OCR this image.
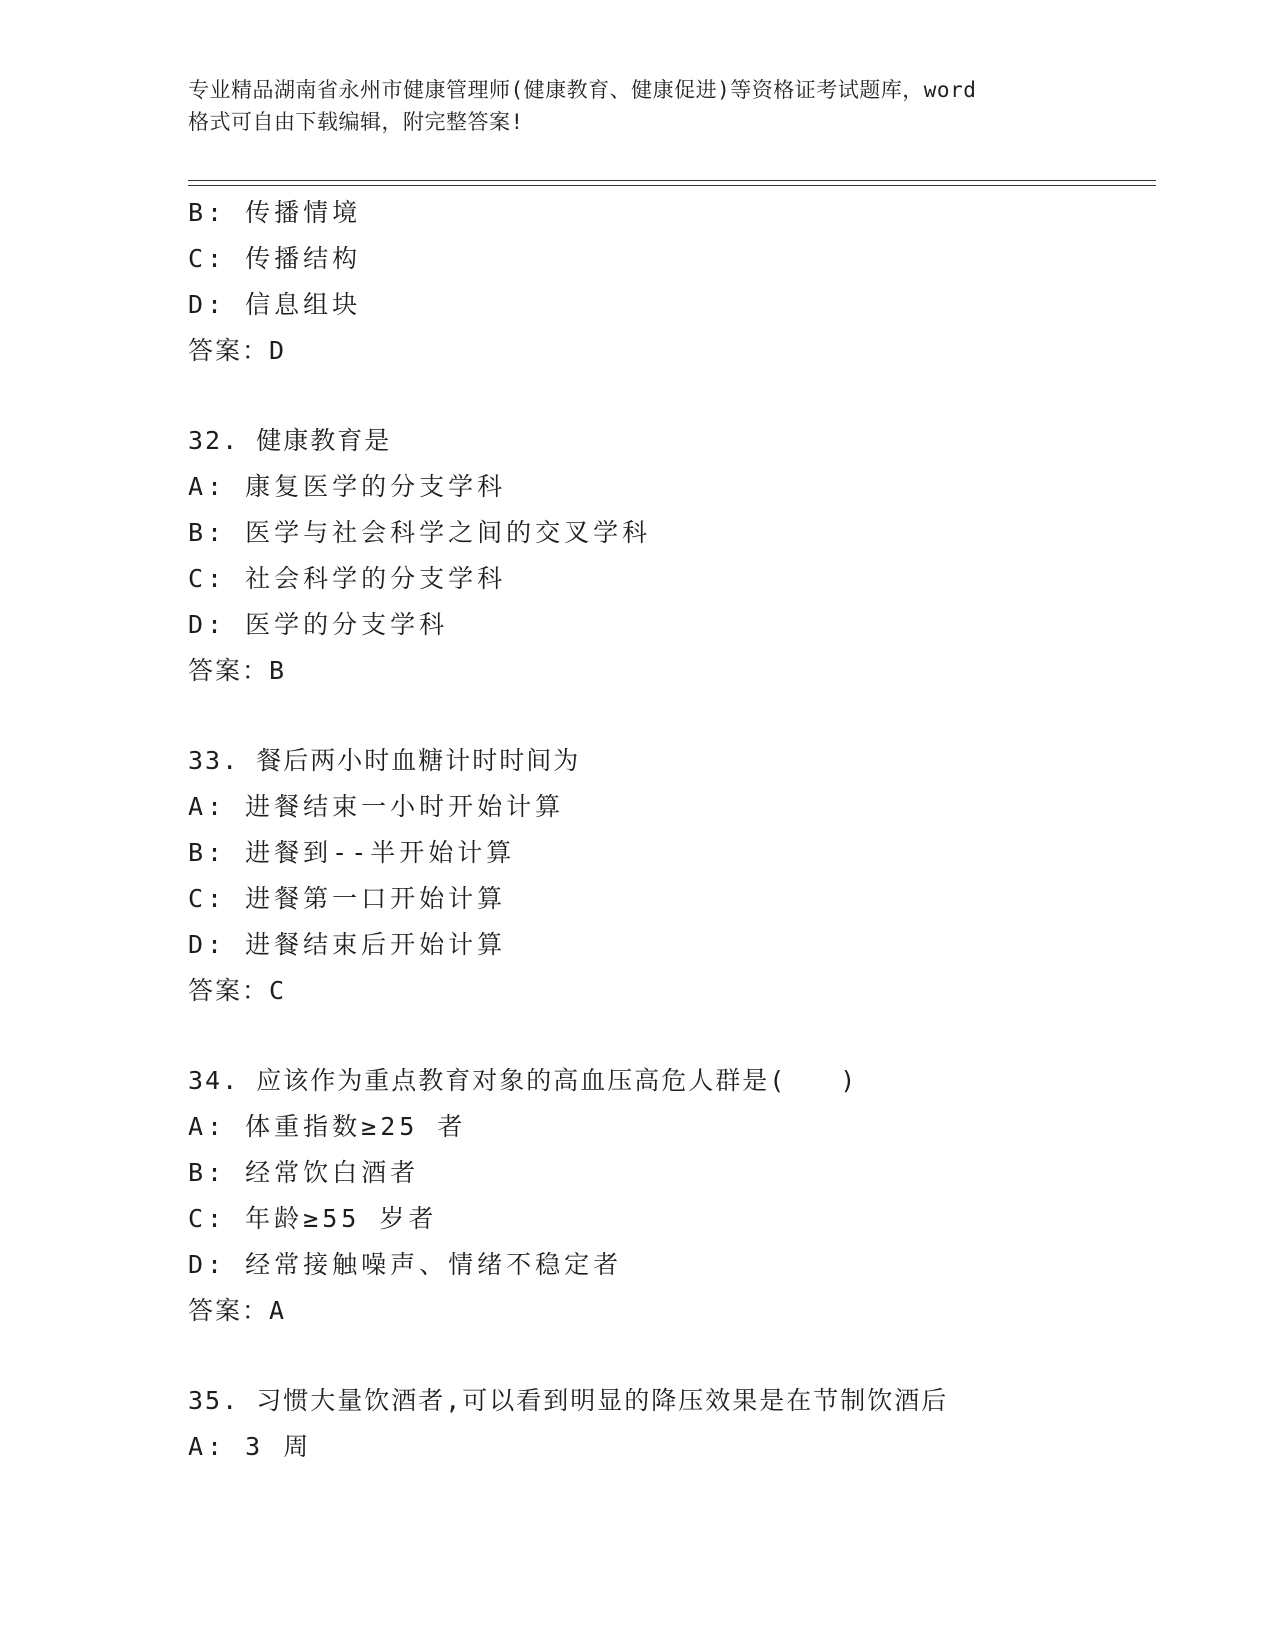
专业精品湖南省永州市健康管理师(健康教育、健康促进)等资格证考试题库，word
格式可自由下载编辑，附完整答案!
B: 传播情境
C: 传播结构
D: 信息组块
答案：D
32. 健康教育是
A: 康复医学的分支学科
B: 医学与社会科学之间的交叉学科
C: 社会科学的分支学科
D: 医学的分支学科
答案：B
33. 餐后两小时血糖计时时间为
A: 进餐结束一小时开始计算
B: 进餐到--半开始计算
C: 进餐第一口开始计算
D: 进餐结束后开始计算
答案：C
34. 应该作为重点教育对象的高血压高危人群是(　　)
A: 体重指数≥25 者
B: 经常饮白酒者
C: 年龄≥55 岁者
D: 经常接触噪声、情绪不稳定者
答案：A
35. 习惯大量饮酒者,可以看到明显的降压效果是在节制饮酒后
A: 3 周
